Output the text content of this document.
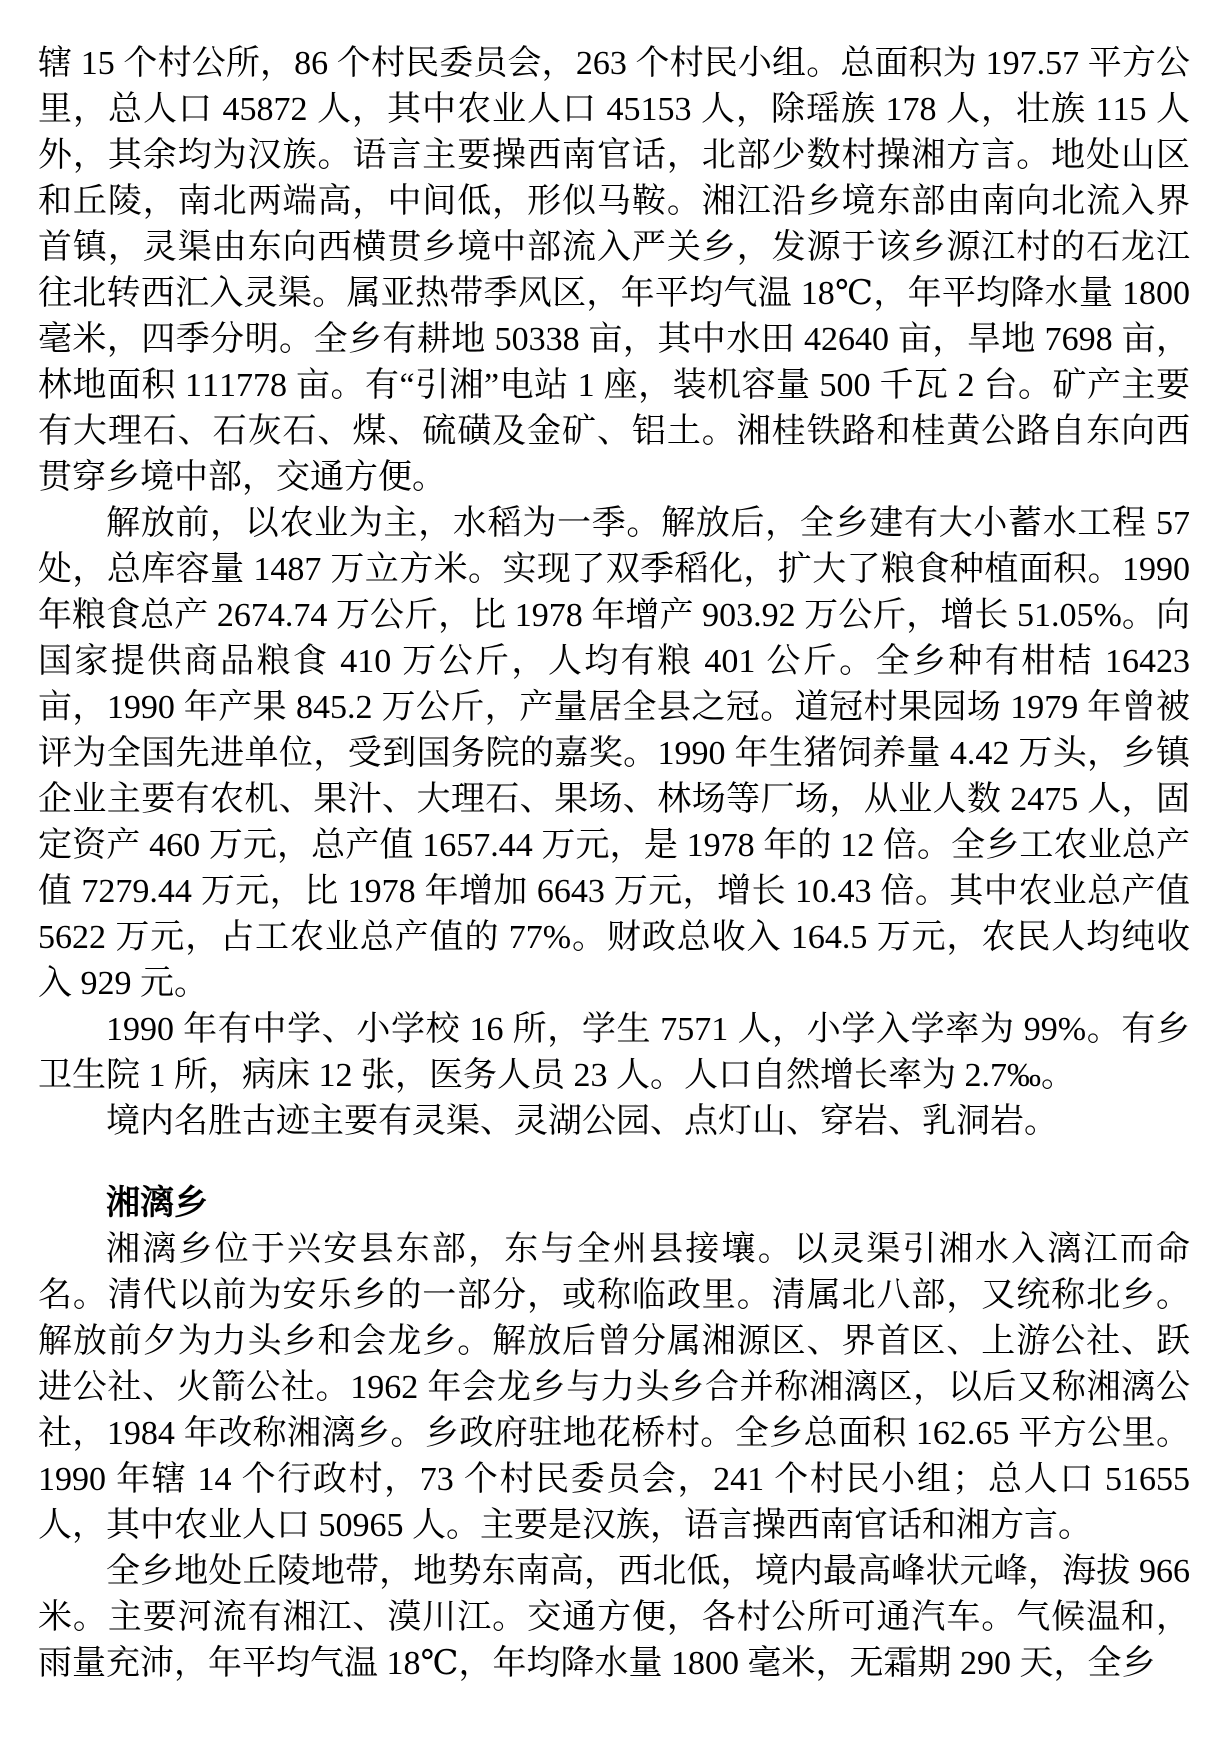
辖 15 个村公所，86 个村民委员会，263 个村民小组。总面积为 197.57 平方公里，总人口 45872 人，其中农业人口 45153 人，除瑶族 178 人，壮族 115 人外，其余均为汉族。语言主要操西南官话，北部少数村操湘方言。地处山区和丘陵，南北两端高，中间低，形似马鞍。湘江沿乡境东部由南向北流入界首镇，灵渠由东向西横贯乡境中部流入严关乡，发源于该乡源江村的石龙江往北转西汇入灵渠。属亚热带季风区，年平均气温 18℃，年平均降水量 1800 毫米，四季分明。全乡有耕地 50338 亩，其中水田 42640 亩，旱地 7698 亩，林地面积 111778 亩。有“引湘”电站 1 座，装机容量 500 千瓦 2 台。矿产主要有大理石、石灰石、煤、硫磺及金矿、铝土。湘桂铁路和桂黄公路自东向西贯穿乡境中部，交通方便。

解放前，以农业为主，水稻为一季。解放后，全乡建有大小蓄水工程 57 处，总库容量 1487 万立方米。实现了双季稻化，扩大了粮食种植面积。1990 年粮食总产 2674.74 万公斤，比 1978 年增产 903.92 万公斤，增长 51.05%。向国家提供商品粮食 410 万公斤，人均有粮 401 公斤。全乡种有柑桔 16423 亩，1990 年产果 845.2 万公斤，产量居全县之冠。道冠村果园场 1979 年曾被评为全国先进单位，受到国务院的嘉奖。1990 年生猪饲养量 4.42 万头，乡镇企业主要有农机、果汁、大理石、果场、林场等厂场，从业人数 2475 人，固定资产 460 万元，总产值 1657.44 万元，是 1978 年的 12 倍。全乡工农业总产值 7279.44 万元，比 1978 年增加 6643 万元，增长 10.43 倍。其中农业总产值 5622 万元，占工农业总产值的 77%。财政总收入 164.5 万元，农民人均纯收入 929 元。

1990 年有中学、小学校 16 所，学生 7571 人，小学入学率为 99%。有乡卫生院 1 所，病床 12 张，医务人员 23 人。人口自然增长率为 2.7‰。

境内名胜古迹主要有灵渠、灵湖公园、点灯山、穿岩、乳洞岩。

湘漓乡

湘漓乡位于兴安县东部，东与全州县接壤。以灵渠引湘水入漓江而命名。清代以前为安乐乡的一部分，或称临政里。清属北八部，又统称北乡。解放前夕为力头乡和会龙乡。解放后曾分属湘源区、界首区、上游公社、跃进公社、火箭公社。1962 年会龙乡与力头乡合并称湘漓区，以后又称湘漓公社，1984 年改称湘漓乡。乡政府驻地花桥村。全乡总面积 162.65 平方公里。1990 年辖 14 个行政村，73 个村民委员会，241 个村民小组；总人口 51655 人，其中农业人口 50965 人。主要是汉族，语言操西南官话和湘方言。

全乡地处丘陵地带，地势东南高，西北低，境内最高峰状元峰，海拔 966 米。主要河流有湘江、漠川江。交通方便，各村公所可通汽车。气候温和，雨量充沛，年平均气温 18℃，年均降水量 1800 毫米，无霜期 290 天，全乡
